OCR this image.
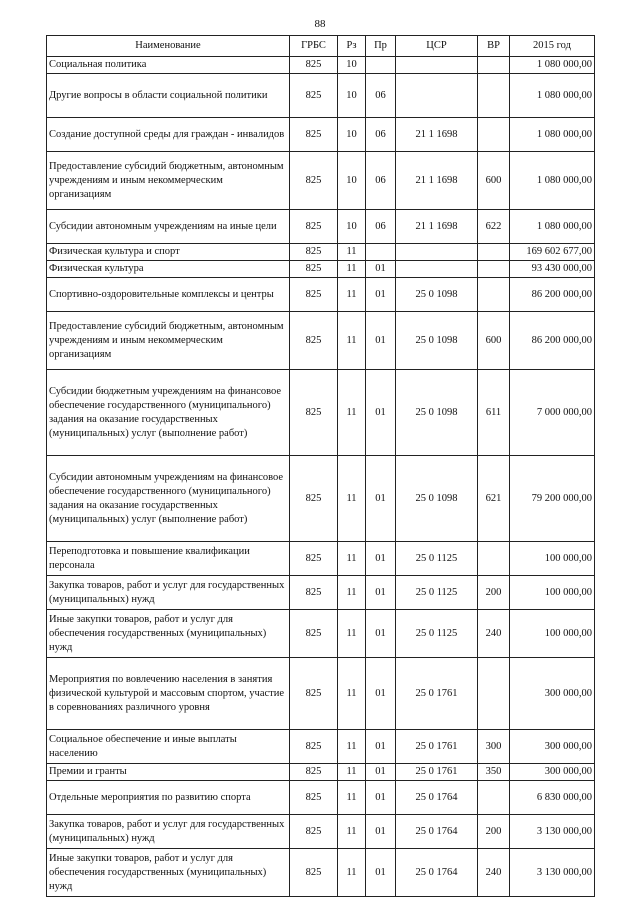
88
Наименование	ГРБС	Рз	Пр	ЦСР	ВР	2015 год
Социальная политика	825	10				1 080 000,00
Другие вопросы в области социальной политики	825	10	06			1 080 000,00
Создание доступной среды для граждан - инвалидов	825	10	06	21 1 1698		1 080 000,00
Предоставление субсидий бюджетным, автономным учреждениям и иным некоммерческим организациям	825	10	06	21 1 1698	600	1 080 000,00
Субсидии автономным учреждениям на иные цели	825	10	06	21 1 1698	622	1 080 000,00
Физическая культура и спорт	825	11				169 602 677,00
Физическая культура	825	11	01			93 430 000,00
Спортивно-оздоровительные комплексы и центры	825	11	01	25 0 1098		86 200 000,00
Предоставление субсидий бюджетным, автономным учреждениям и иным некоммерческим организациям	825	11	01	25 0 1098	600	86 200 000,00
Субсидии бюджетным учреждениям на финансовое обеспечение государственного (муниципального) задания на оказание государственных (муниципальных) услуг (выполнение работ)	825	11	01	25 0 1098	611	7 000 000,00
Субсидии автономным учреждениям на финансовое обеспечение государственного (муниципального) задания на оказание государственных (муниципальных) услуг (выполнение работ)	825	11	01	25 0 1098	621	79 200 000,00
Переподготовка и повышение квалификации персонала	825	11	01	25 0 1125		100 000,00
Закупка товаров, работ и услуг для государственных (муниципальных) нужд	825	11	01	25 0 1125	200	100 000,00
Иные закупки товаров, работ и услуг для обеспечения государственных (муниципальных) нужд	825	11	01	25 0 1125	240	100 000,00
Мероприятия по вовлечению населения в занятия физической культурой и массовым спортом, участие в соревнованиях различного уровня	825	11	01	25 0 1761		300 000,00
Социальное обеспечение и иные выплаты населению	825	11	01	25 0 1761	300	300 000,00
Премии и гранты	825	11	01	25 0 1761	350	300 000,00
Отдельные мероприятия по развитию спорта	825	11	01	25 0 1764		6 830 000,00
Закупка товаров, работ и услуг для государственных (муниципальных) нужд	825	11	01	25 0 1764	200	3 130 000,00
Иные закупки товаров, работ и услуг для обеспечения государственных (муниципальных) нужд	825	11	01	25 0 1764	240	3 130 000,00
